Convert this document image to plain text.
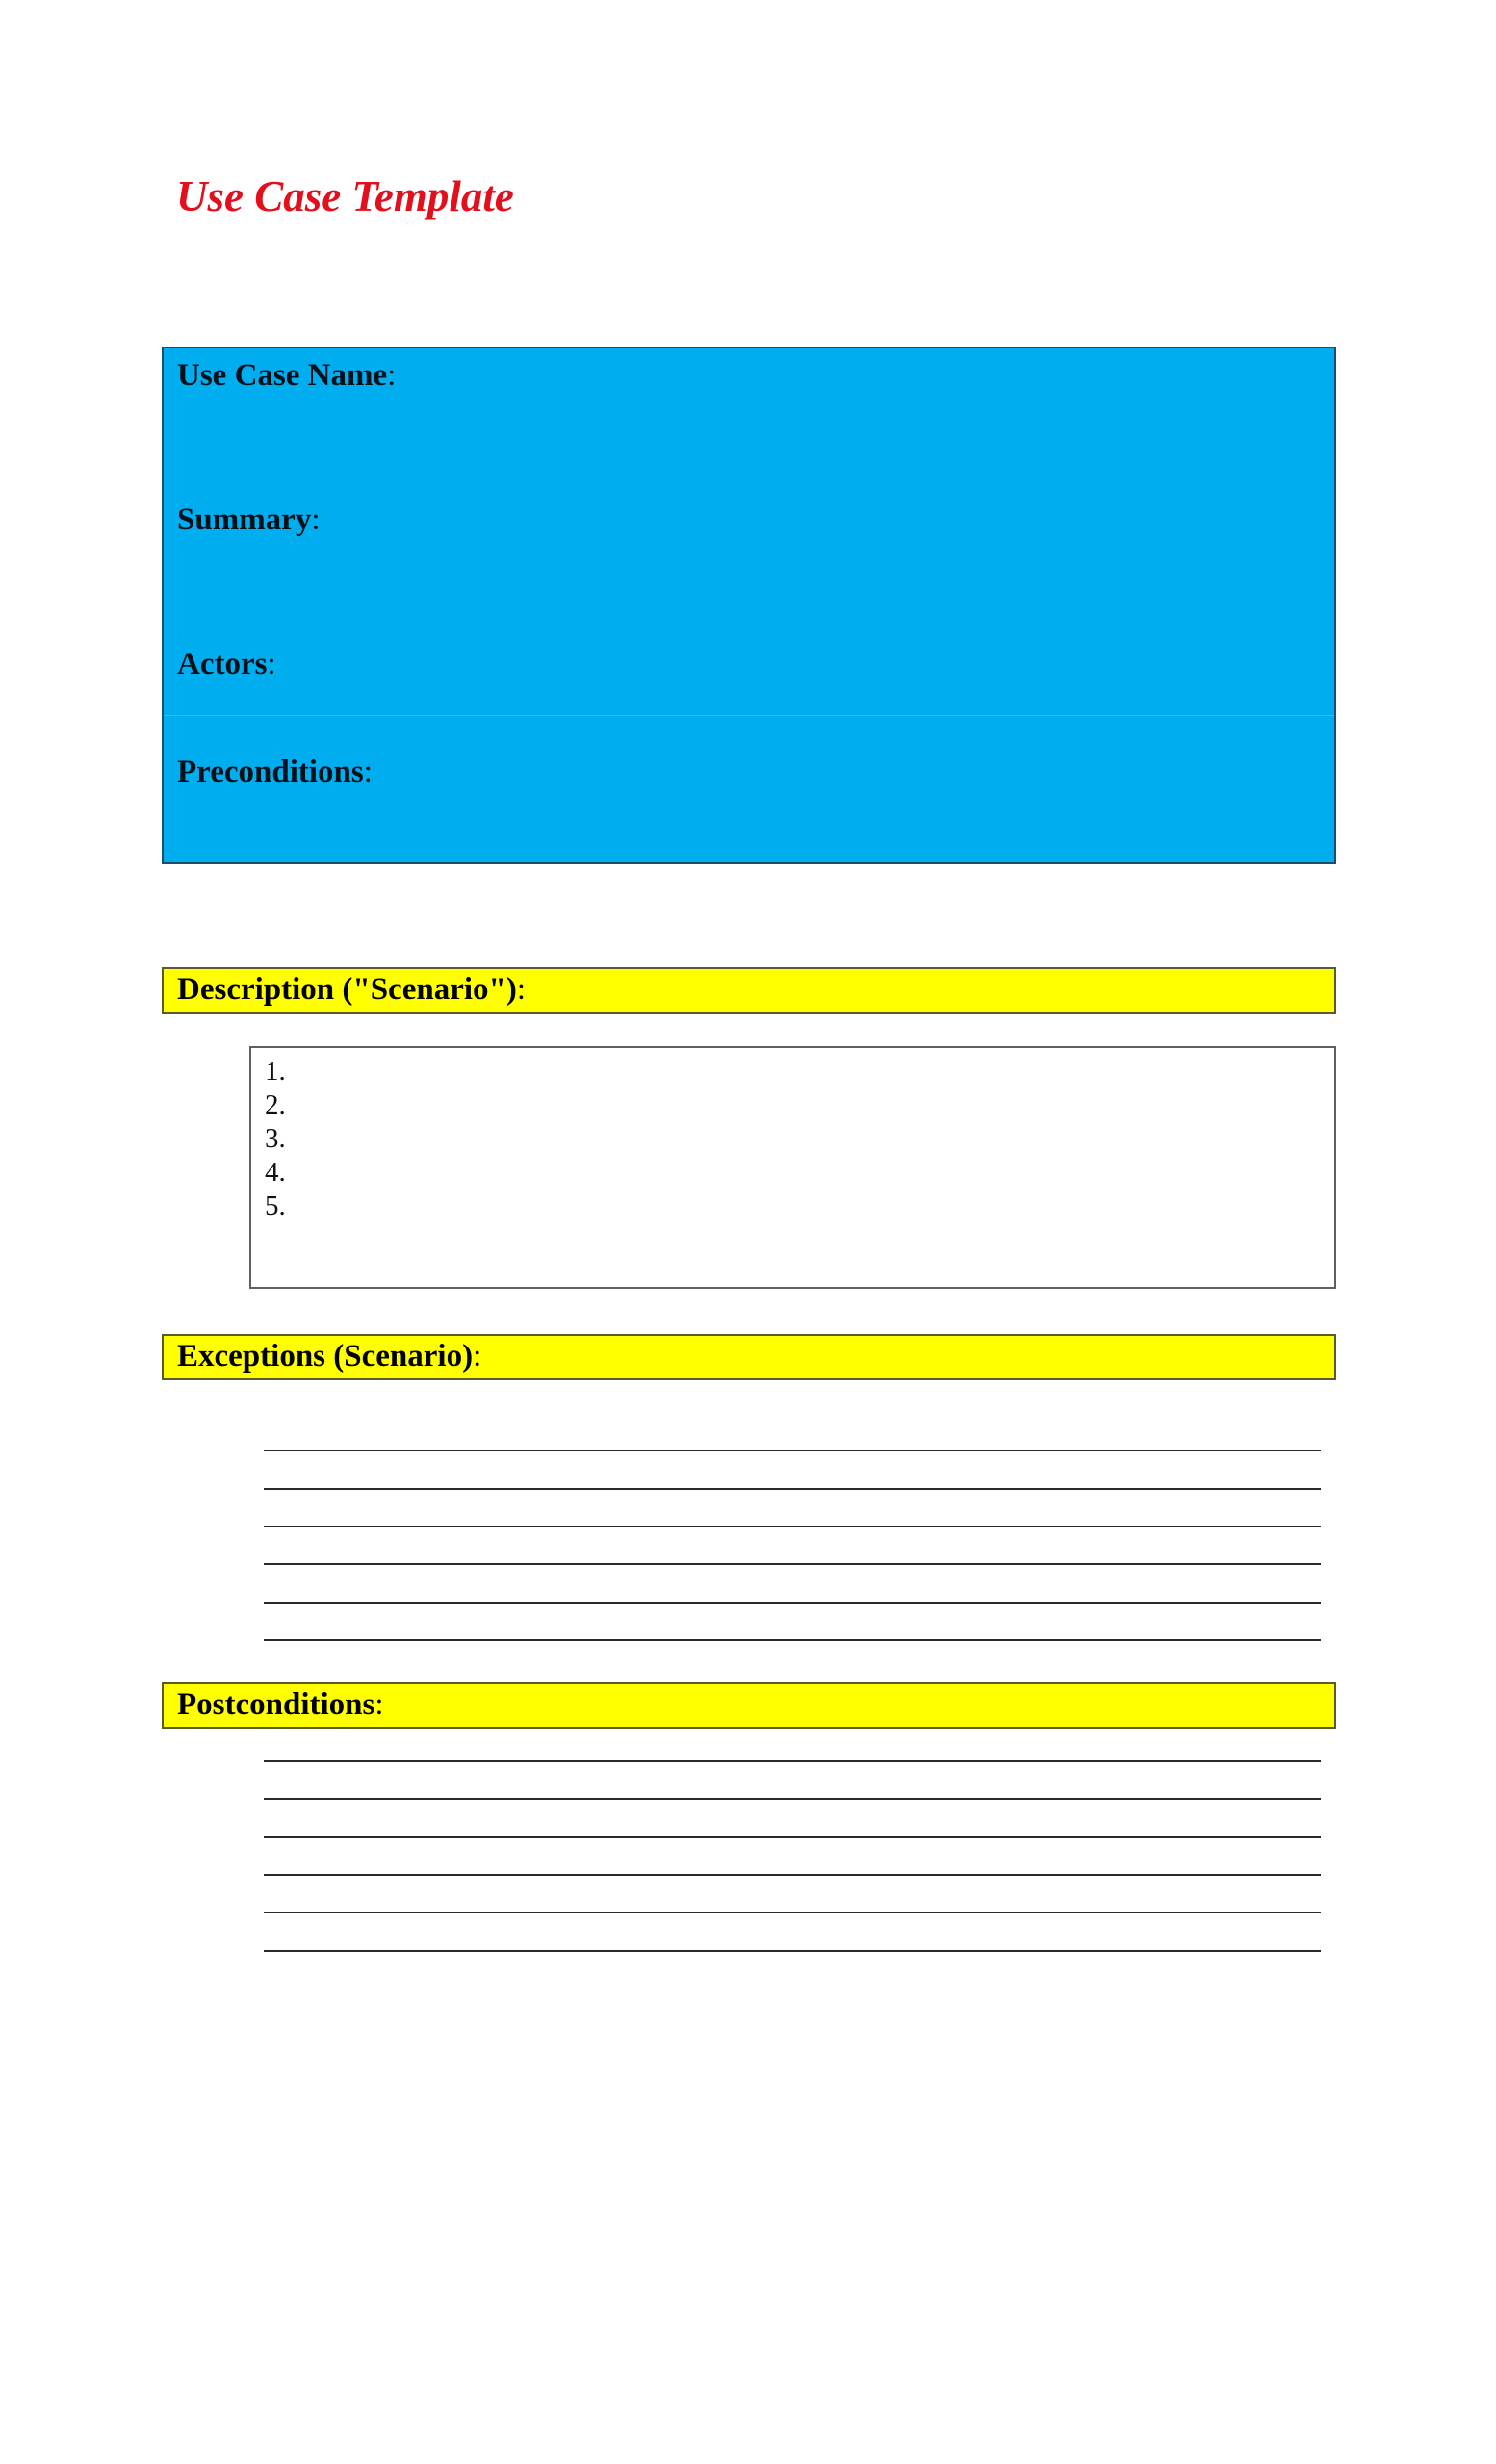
Use Case Template
Use Case Name:
Summary:
Actors:
Preconditions:
Description ("Scenario"):
1.
2.
3.
4.
5.
Exceptions (Scenario):
Postconditions:
